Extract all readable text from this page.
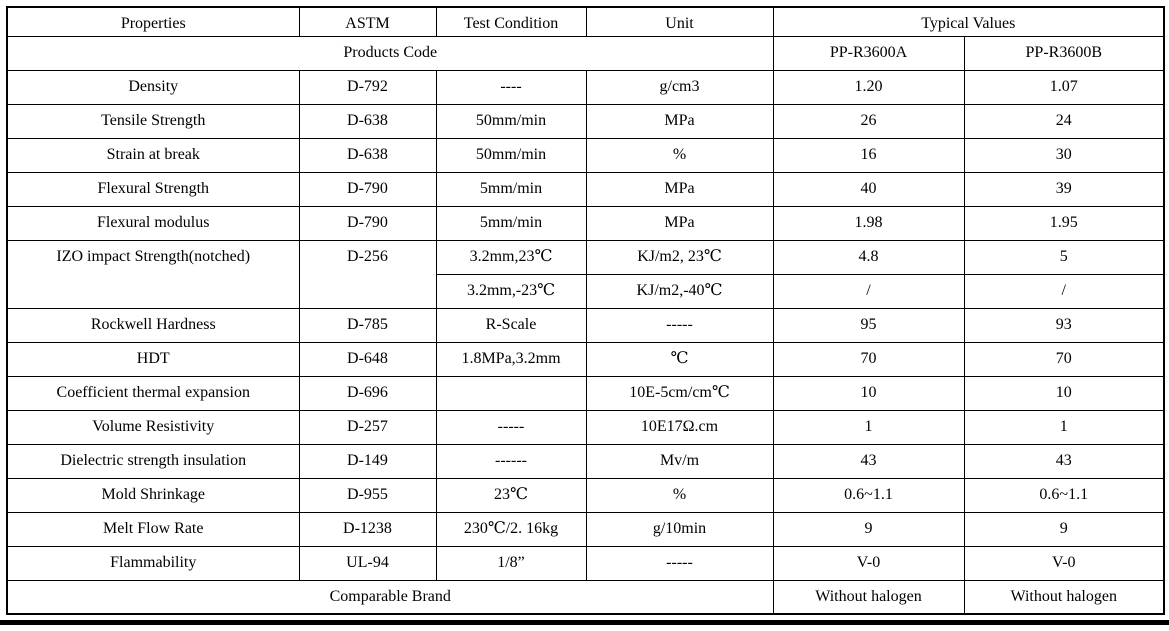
Properties	ASTM	Test Condition	Unit	Typical Values	
Products Code				PP-R3600A	PP-R3600B
Density	D-792	----	g/cm3	1.20	1.07
Tensile Strength	D-638	50mm/min	MPa	26	24
Strain at break	D-638	50mm/min	%	16	30
Flexural Strength	D-790	5mm/min	MPa	40	39
Flexural modulus	D-790	5mm/min	MPa	1.98	1.95
IZO impact Strength(notched)	D-256	3.2mm,23℃	KJ/m2, 23℃	4.8	5
		3.2mm,-23℃	KJ/m2,-40℃	/	/
Rockwell Hardness	D-785	R-Scale	-----	95	93
HDT	D-648	1.8MPa,3.2mm	℃	70	70
Coefficient thermal expansion	D-696		10E-5cm/cm℃	10	10
Volume Resistivity	D-257	-----	10E17Ω.cm	1	1
Dielectric strength insulation	D-149	------	Mv/m	43	43
Mold Shrinkage	D-955	23℃	%	0.6~1.1	0.6~1.1
Melt Flow Rate	D-1238	230℃/2. 16kg	g/10min	9	9
Flammability	UL-94	1/8”	-----	V-0	V-0
Comparable Brand				Without halogen	Without halogen
